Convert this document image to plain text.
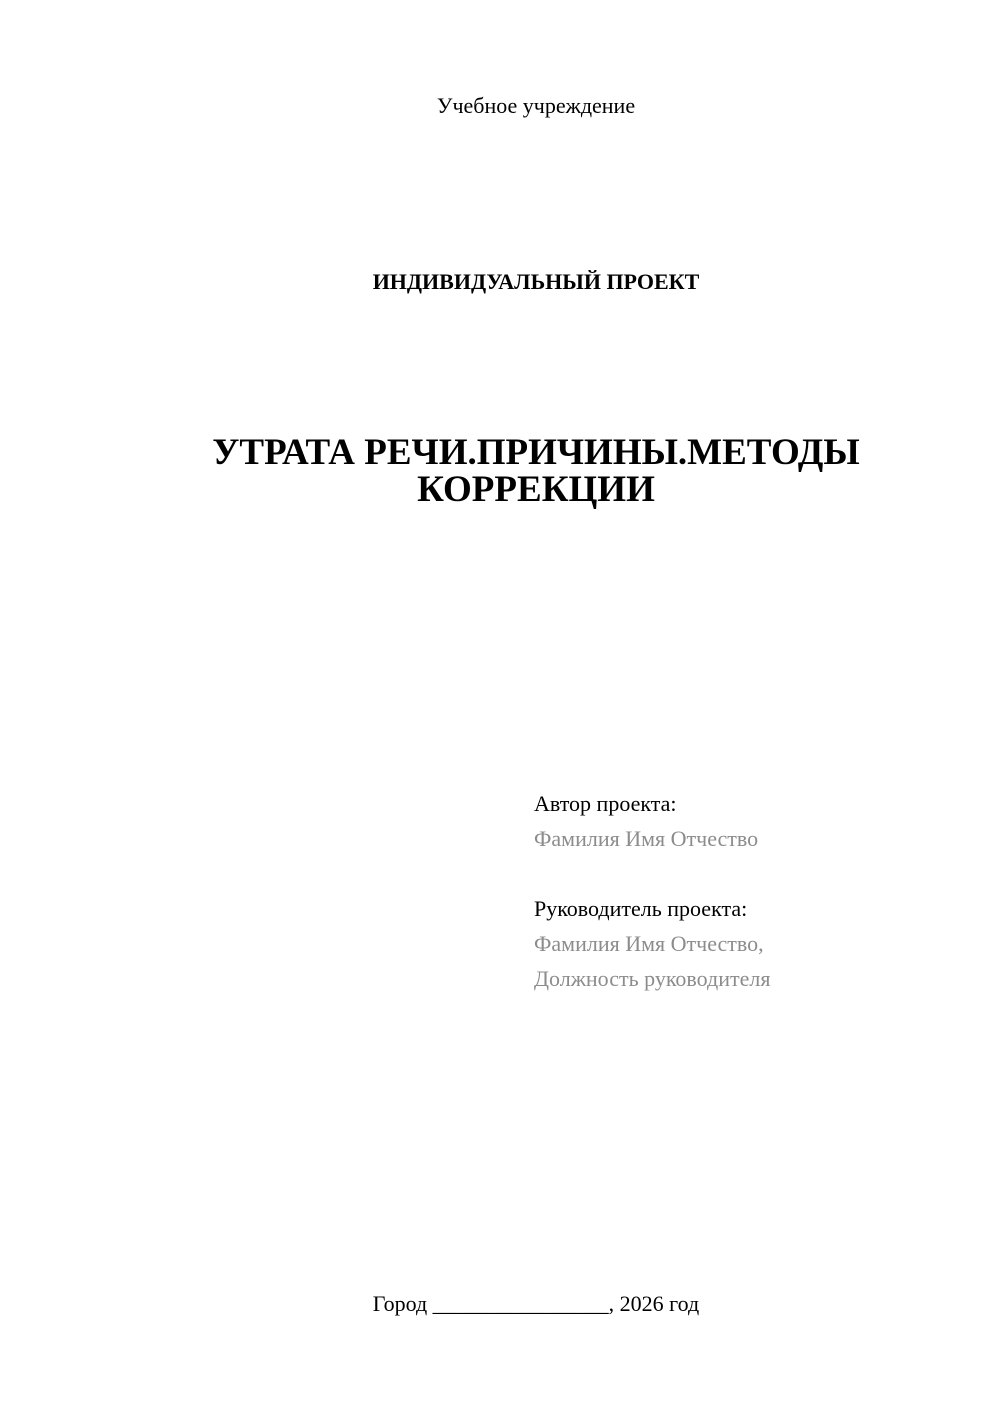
Учебное учреждение
ИНДИВИДУАЛЬНЫЙ ПРОЕКТ
УТРАТА РЕЧИ.ПРИЧИНЫ.МЕТОДЫ
КОРРЕКЦИИ
Автор проекта:
Фамилия Имя Отчество
Руководитель проекта:
Фамилия Имя Отчество,
Должность руководителя
Город ________________, 2026 год
